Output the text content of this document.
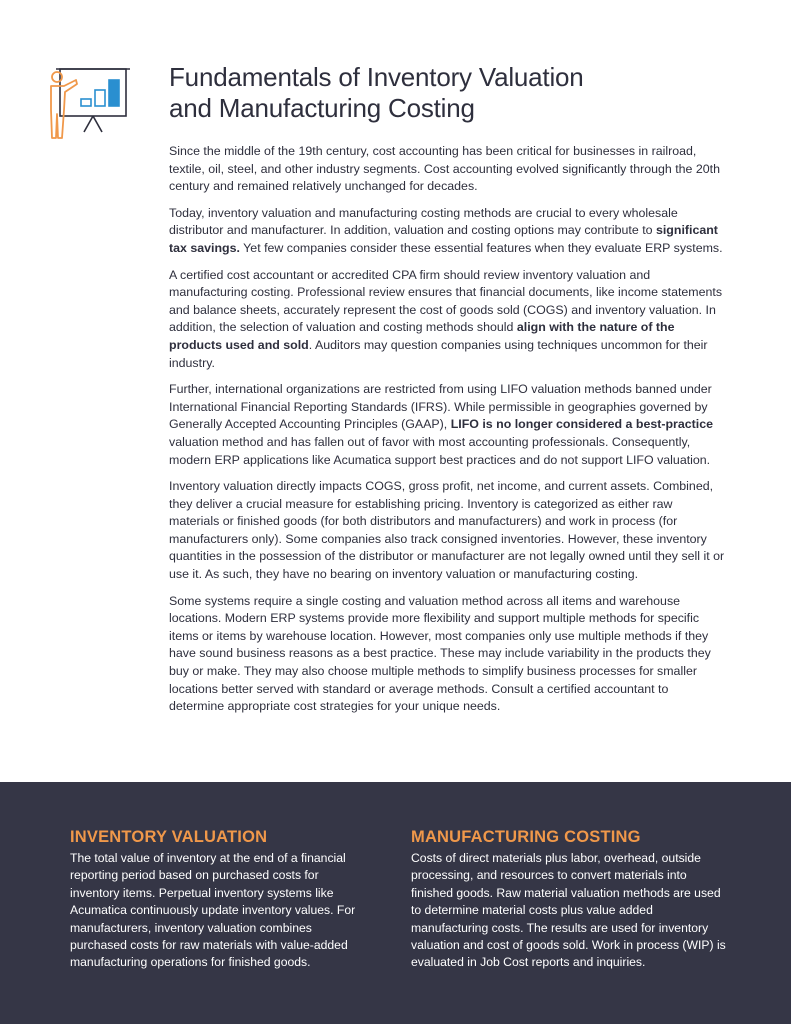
Fundamentals of Inventory Valuation
and Manufacturing Costing

Since the middle of the 19th century, cost accounting has been critical for businesses in railroad, textile, oil, steel, and other industry segments. Cost accounting evolved significantly through the 20th century and remained relatively unchanged for decades.

Today, inventory valuation and manufacturing costing methods are crucial to every wholesale distributor and manufacturer. In addition, valuation and costing options may contribute to significant tax savings. Yet few companies consider these essential features when they evaluate ERP systems.

A certified cost accountant or accredited CPA firm should review inventory valuation and manufacturing costing. Professional review ensures that financial documents, like income statements and balance sheets, accurately represent the cost of goods sold (COGS) and inventory valuation. In addition, the selection of valuation and costing methods should align with the nature of the products used and sold. Auditors may question companies using techniques uncommon for their industry.

Further, international organizations are restricted from using LIFO valuation methods banned under International Financial Reporting Standards (IFRS). While permissible in geographies governed by Generally Accepted Accounting Principles (GAAP), LIFO is no longer considered a best-practice valuation method and has fallen out of favor with most accounting professionals. Consequently, modern ERP applications like Acumatica support best practices and do not support LIFO valuation.

Inventory valuation directly impacts COGS, gross profit, net income, and current assets. Combined, they deliver a crucial measure for establishing pricing. Inventory is categorized as either raw materials or finished goods (for both distributors and manufacturers) and work in process (for manufacturers only). Some companies also track consigned inventories. However, these inventory quantities in the possession of the distributor or manufacturer are not legally owned until they sell it or use it. As such, they have no bearing on inventory valuation or manufacturing costing.

Some systems require a single costing and valuation method across all items and warehouse locations. Modern ERP systems provide more flexibility and support multiple methods for specific items or items by warehouse location. However, most companies only use multiple methods if they have sound business reasons as a best practice. These may include variability in the products they buy or make. They may also choose multiple methods to simplify business processes for smaller locations better served with standard or average methods. Consult a certified accountant to determine appropriate cost strategies for your unique needs.

INVENTORY VALUATION

The total value of inventory at the end of a financial reporting period based on purchased costs for inventory items. Perpetual inventory systems like Acumatica continuously update inventory values. For manufacturers, inventory valuation combines purchased costs for raw materials with value-added manufacturing operations for finished goods.

MANUFACTURING COSTING

Costs of direct materials plus labor, overhead, outside processing, and resources to convert materials into finished goods. Raw material valuation methods are used to determine material costs plus value added manufacturing costs. The results are used for inventory valuation and cost of goods sold. Work in process (WIP) is evaluated in Job Cost reports and inquiries.
